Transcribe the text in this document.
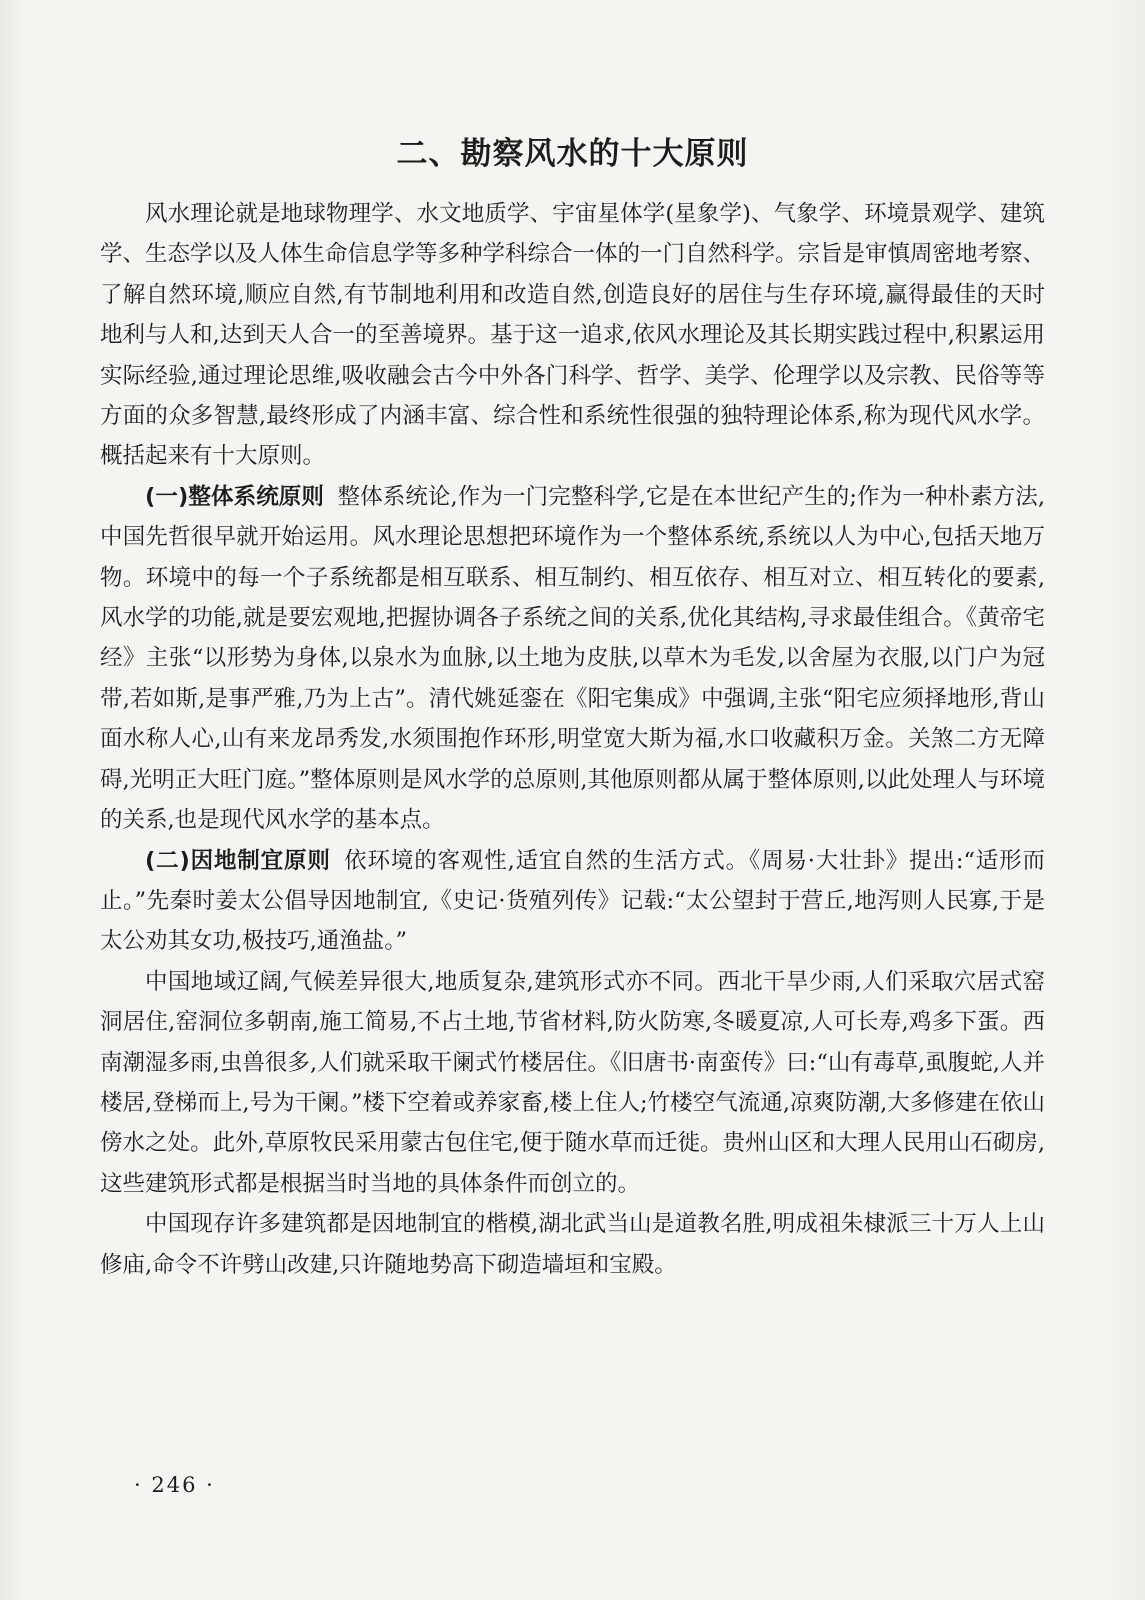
二、勘察风水的十大原则

风水理论就是地球物理学、水文地质学、宇宙星体学(星象学)、气象学、环境景观学、建筑学、生态学以及人体生命信息学等多种学科综合一体的一门自然科学。宗旨是审慎周密地考察、了解自然环境,顺应自然,有节制地利用和改造自然,创造良好的居住与生存环境,赢得最佳的天时地利与人和,达到天人合一的至善境界。基于这一追求,依风水理论及其长期实践过程中,积累运用实际经验,通过理论思维,吸收融会古今中外各门科学、哲学、美学、伦理学以及宗教、民俗等等方面的众多智慧,最终形成了内涵丰富、综合性和系统性很强的独特理论体系,称为现代风水学。概括起来有十大原则。

(一)整体系统原则 整体系统论,作为一门完整科学,它是在本世纪产生的;作为一种朴素方法,中国先哲很早就开始运用。风水理论思想把环境作为一个整体系统,系统以人为中心,包括天地万物。环境中的每一个子系统都是相互联系、相互制约、相互依存、相互对立、相互转化的要素,风水学的功能,就是要宏观地,把握协调各子系统之间的关系,优化其结构,寻求最佳组合。《黄帝宅经》主张“以形势为身体,以泉水为血脉,以土地为皮肤,以草木为毛发,以舍屋为衣服,以门户为冠带,若如斯,是事严雅,乃为上古”。清代姚延銮在《阳宅集成》中强调,主张“阳宅应须择地形,背山面水称人心,山有来龙昂秀发,水须围抱作环形,明堂宽大斯为福,水口收藏积万金。关煞二方无障碍,光明正大旺门庭。”整体原则是风水学的总原则,其他原则都从属于整体原则,以此处理人与环境的关系,也是现代风水学的基本点。

(二)因地制宜原则 依环境的客观性,适宜自然的生活方式。《周易·大壮卦》提出:“适形而止。”先秦时姜太公倡导因地制宜,《史记·货殖列传》记载:“太公望封于营丘,地泻则人民寡,于是太公劝其女功,极技巧,通渔盐。”

中国地域辽阔,气候差异很大,地质复杂,建筑形式亦不同。西北干旱少雨,人们采取穴居式窑洞居住,窑洞位多朝南,施工简易,不占土地,节省材料,防火防寒,冬暖夏凉,人可长寿,鸡多下蛋。西南潮湿多雨,虫兽很多,人们就采取干阑式竹楼居住。《旧唐书·南蛮传》曰:“山有毒草,虱腹蛇,人并楼居,登梯而上,号为干阑。”楼下空着或养家畜,楼上住人;竹楼空气流通,凉爽防潮,大多修建在依山傍水之处。此外,草原牧民采用蒙古包住宅,便于随水草而迁徙。贵州山区和大理人民用山石砌房,这些建筑形式都是根据当时当地的具体条件而创立的。

中国现存许多建筑都是因地制宜的楷模,湖北武当山是道教名胜,明成祖朱棣派三十万人上山修庙,命令不许劈山改建,只许随地势高下砌造墙垣和宝殿。

· 246 ·
